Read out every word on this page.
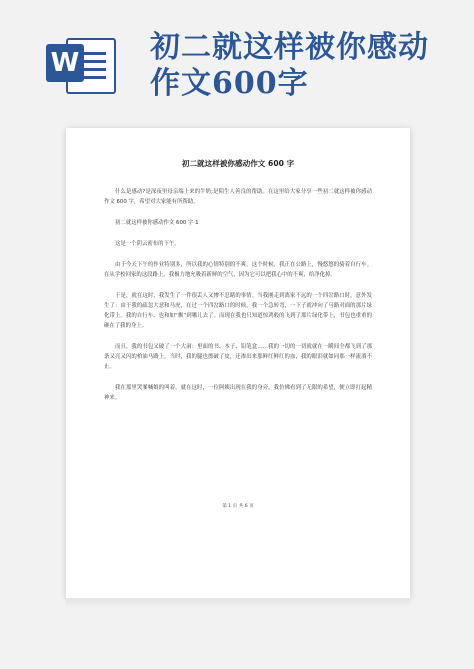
W 初二就这样被你感动作文600字
初二就这样被你感动作文 600 字

什么是感动?是深夜里母亲端上来的牛奶;是陌生人善良的帮助。在这里给大家分享一些初二就这样被你感动作文 600 字，希望对大家能有所帮助。

初二就这样被你感动作文 600 字 1

这是一个阴云密布的下午。

由于今天下午的作业特别多，所以我的心情特别的不爽。这个时候，我正在公路上，慢悠悠的骑着自行车。在从学校回家的这段路上，我极力地允吸着新鲜的空气，因为它可以把我心中的不爽，给净化掉。

于是，就在这时，我发生了一件很丢人又惨不忍睹的事情。当我刚走到离家不远的一个四岔路口时，意外发生了：由于我的疏忽大意和马虎，在过一个四岔路口的时候，我一个急转弯，一下子就冲向了马路对面的那片绿化带上。我的自行车、也和如“飘”到哪儿去了。而现在我也只知道惊鸿般的飞到了那片绿化带上，书包也重重的砸在了我的身上。

而且，我的书包又破了一个大洞：里面的书、本子、铅笔盒……我的一切的一切就就在一瞬间全都飞到了那条又亮又闪的柏油马路上。当时，我的腿也擦破了皮，还渗出来那鲜红鲜红的血，我的眼泪就如同那一样流淌不止。

我在那里哭爹喊娘的叫着。就在这时，一位阿姨出现在我的身旁，我仿佛看到了无限的希望，便立即打起精神来。

第 1 页 共 6 页
